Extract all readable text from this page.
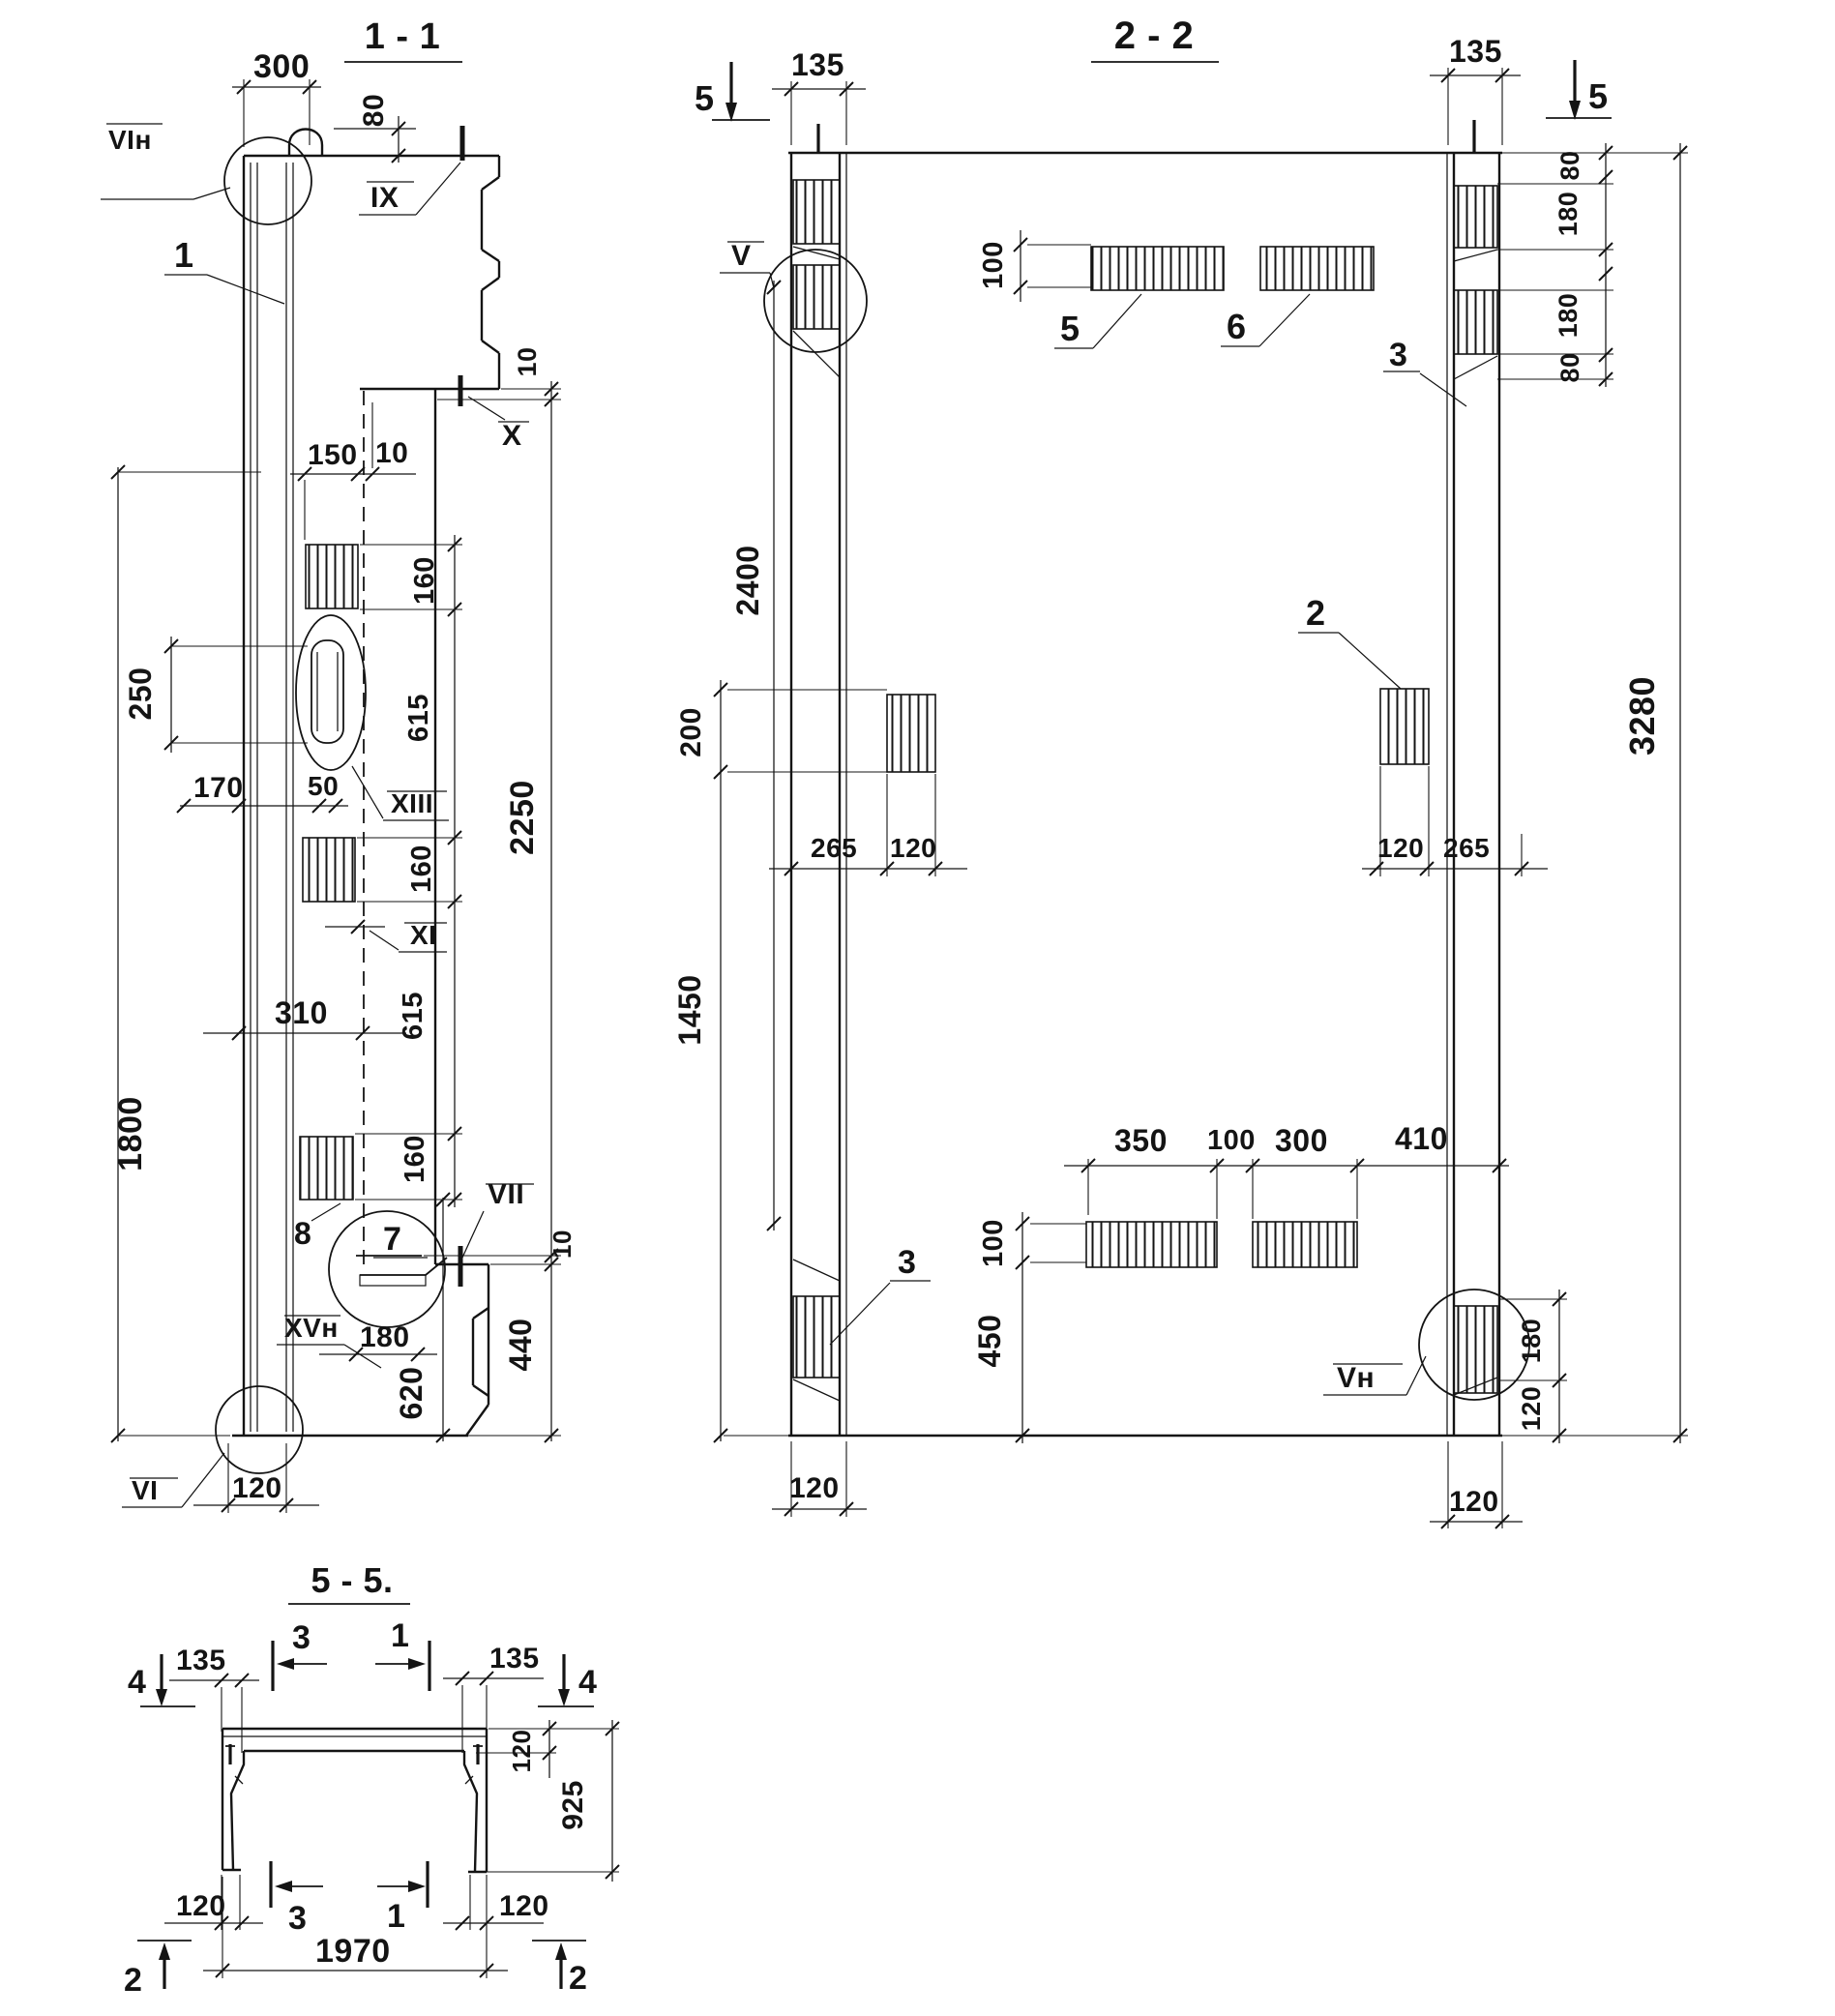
1 - 1	2 - 2
5 - 5.
300
80
IX
VIн
1
150 10
X
160
615
160
615
160
2250
10
250
170 50
XIII
XI
310
1800
8 7
XVн 180
620
440
10
VII
120
VI
5
135
V
135
5
80
180
180
80
3
3280
100
5	6
2
265 120
200
1450
2400
120 265
350 100 300 410
100
450
3
Vн
180
120
120	120
4
135
3 1
135
4
120
925
120 3 1	120
1970
2	2
